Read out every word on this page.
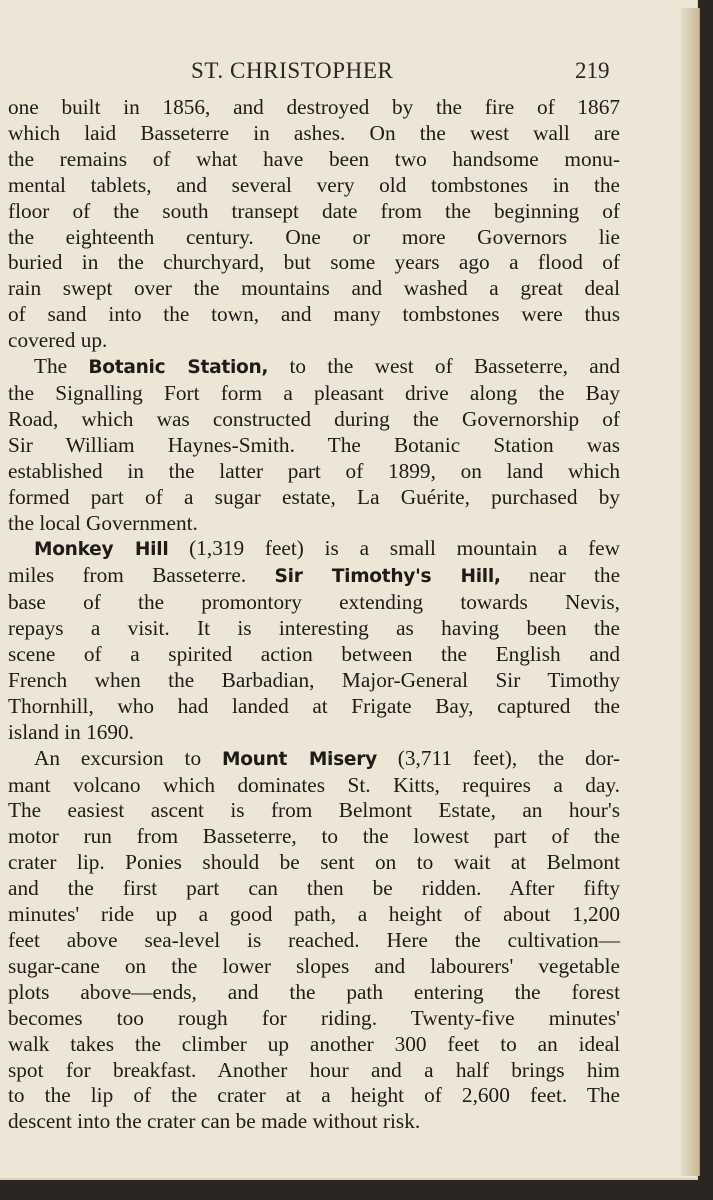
ST. CHRISTOPHER	219

one built in 1856, and destroyed by the fire of 1867
which laid Basseterre in ashes. On the west wall are
the remains of what have been two handsome monu-
mental tablets, and several very old tombstones in the
floor of the south transept date from the beginning of
the eighteenth century. One or more Governors lie
buried in the churchyard, but some years ago a flood of
rain swept over the mountains and washed a great deal
of sand into the town, and many tombstones were thus
covered up.

The Botanic Station, to the west of Basseterre, and
the Signalling Fort form a pleasant drive along the Bay
Road, which was constructed during the Governorship of
Sir William Haynes-Smith. The Botanic Station was
established in the latter part of 1899, on land which
formed part of a sugar estate, La Guérite, purchased by
the local Government.

Monkey Hill (1,319 feet) is a small mountain a few
miles from Basseterre. Sir Timothy's Hill, near the
base of the promontory extending towards Nevis,
repays a visit. It is interesting as having been the
scene of a spirited action between the English and
French when the Barbadian, Major-General Sir Timothy
Thornhill, who had landed at Frigate Bay, captured the
island in 1690.

An excursion to Mount Misery (3,711 feet), the dor-
mant volcano which dominates St. Kitts, requires a day.
The easiest ascent is from Belmont Estate, an hour's
motor run from Basseterre, to the lowest part of the
crater lip. Ponies should be sent on to wait at Belmont
and the first part can then be ridden. After fifty
minutes' ride up a good path, a height of about 1,200
feet above sea-level is reached. Here the cultivation—
sugar-cane on the lower slopes and labourers' vegetable
plots above—ends, and the path entering the forest
becomes too rough for riding. Twenty-five minutes'
walk takes the climber up another 300 feet to an ideal
spot for breakfast. Another hour and a half brings him
to the lip of the crater at a height of 2,600 feet. The
descent into the crater can be made without risk.
